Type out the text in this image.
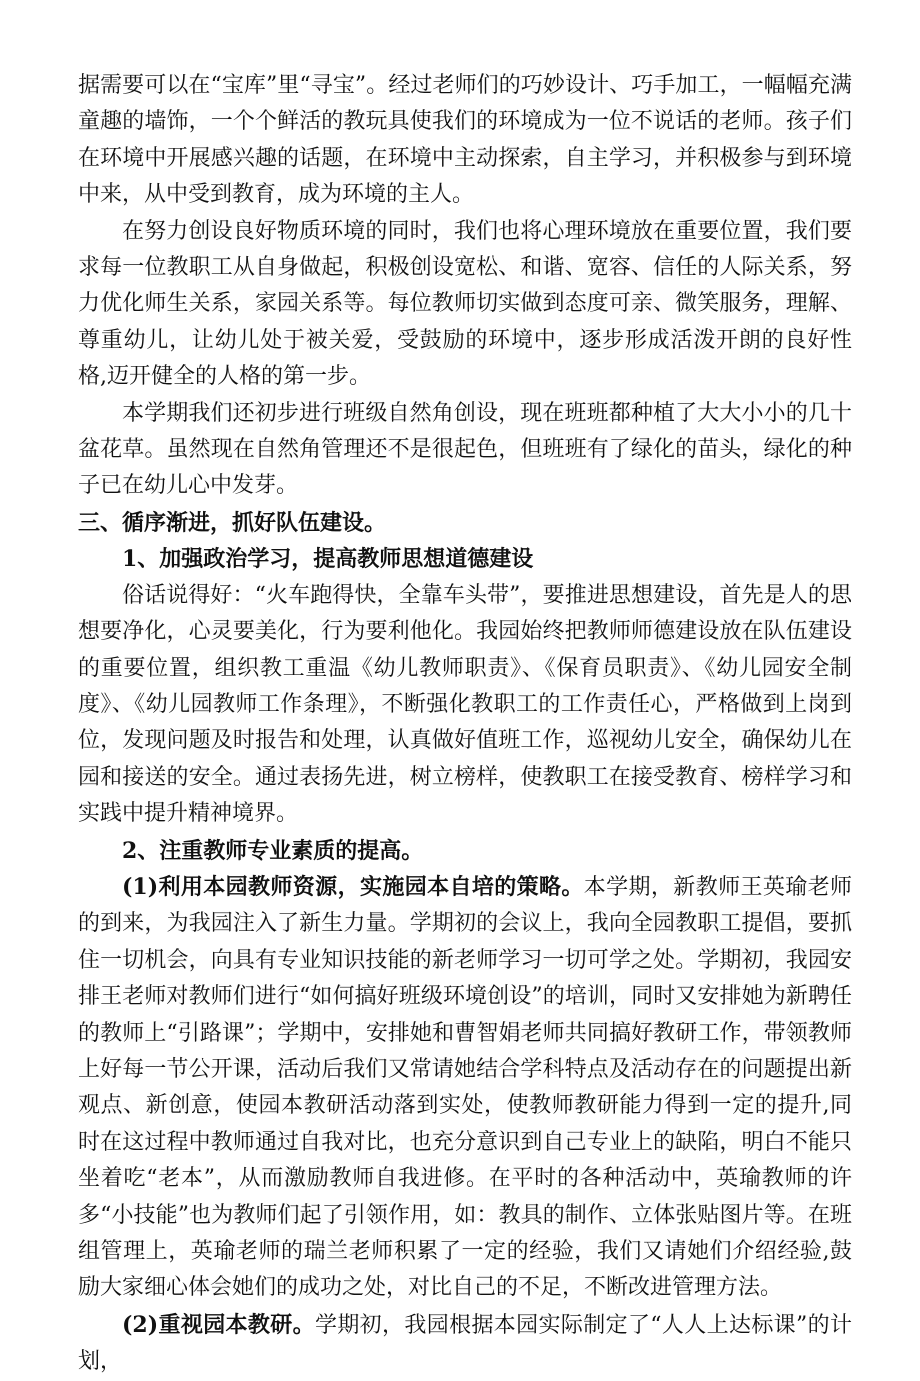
据需要可以在“宝库”里“寻宝”。经过老师们的巧妙设计、巧手加工，一幅幅充满童趣的墙饰，一个个鲜活的教玩具使我们的环境成为一位不说话的老师。孩子们在环境中开展感兴趣的话题，在环境中主动探索，自主学习，并积极参与到环境中来，从中受到教育，成为环境的主人。

在努力创设良好物质环境的同时，我们也将心理环境放在重要位置，我们要求每一位教职工从自身做起，积极创设宽松、和谐、宽容、信任的人际关系，努力优化师生关系，家园关系等。每位教师切实做到态度可亲、微笑服务，理解、尊重幼儿，让幼儿处于被关爱，受鼓励的环境中，逐步形成活泼开朗的良好性格,迈开健全的人格的第一步。

本学期我们还初步进行班级自然角创设，现在班班都种植了大大小小的几十盆花草。虽然现在自然角管理还不是很起色，但班班有了绿化的苗头，绿化的种子已在幼儿心中发芽。

三、循序渐进，抓好队伍建设。

1、加强政治学习，提高教师思想道德建设

俗话说得好：“火车跑得快，全靠车头带”，要推进思想建设，首先是人的思想要净化，心灵要美化，行为要利他化。我园始终把教师师德建设放在队伍建设的重要位置，组织教工重温《幼儿教师职责》、《保育员职责》、《幼儿园安全制度》、《幼儿园教师工作条理》，不断强化教职工的工作责任心，严格做到上岗到位，发现问题及时报告和处理，认真做好值班工作，巡视幼儿安全，确保幼儿在园和接送的安全。通过表扬先进，树立榜样，使教职工在接受教育、榜样学习和实践中提升精神境界。

2、注重教师专业素质的提高。

(1)利用本园教师资源，实施园本自培的策略。本学期，新教师王英瑜老师的到来，为我园注入了新生力量。学期初的会议上，我向全园教职工提倡，要抓住一切机会，向具有专业知识技能的新老师学习一切可学之处。学期初，我园安排王老师对教师们进行“如何搞好班级环境创设”的培训，同时又安排她为新聘任的教师上“引路课”；学期中，安排她和曹智娟老师共同搞好教研工作，带领教师上好每一节公开课，活动后我们又常请她结合学科特点及活动存在的问题提出新观点、新创意，使园本教研活动落到实处，使教师教研能力得到一定的提升,同时在这过程中教师通过自我对比，也充分意识到自己专业上的缺陷，明白不能只坐着吃“老本”，从而激励教师自我进修。在平时的各种活动中，英瑜教师的许多“小技能”也为教师们起了引领作用，如：教具的制作、立体张贴图片等。在班组管理上，英瑜老师的瑞兰老师积累了一定的经验，我们又请她们介绍经验,鼓励大家细心体会她们的成功之处，对比自己的不足，不断改进管理方法。

(2)重视园本教研。学期初，我园根据本园实际制定了“人人上达标课”的计划，
